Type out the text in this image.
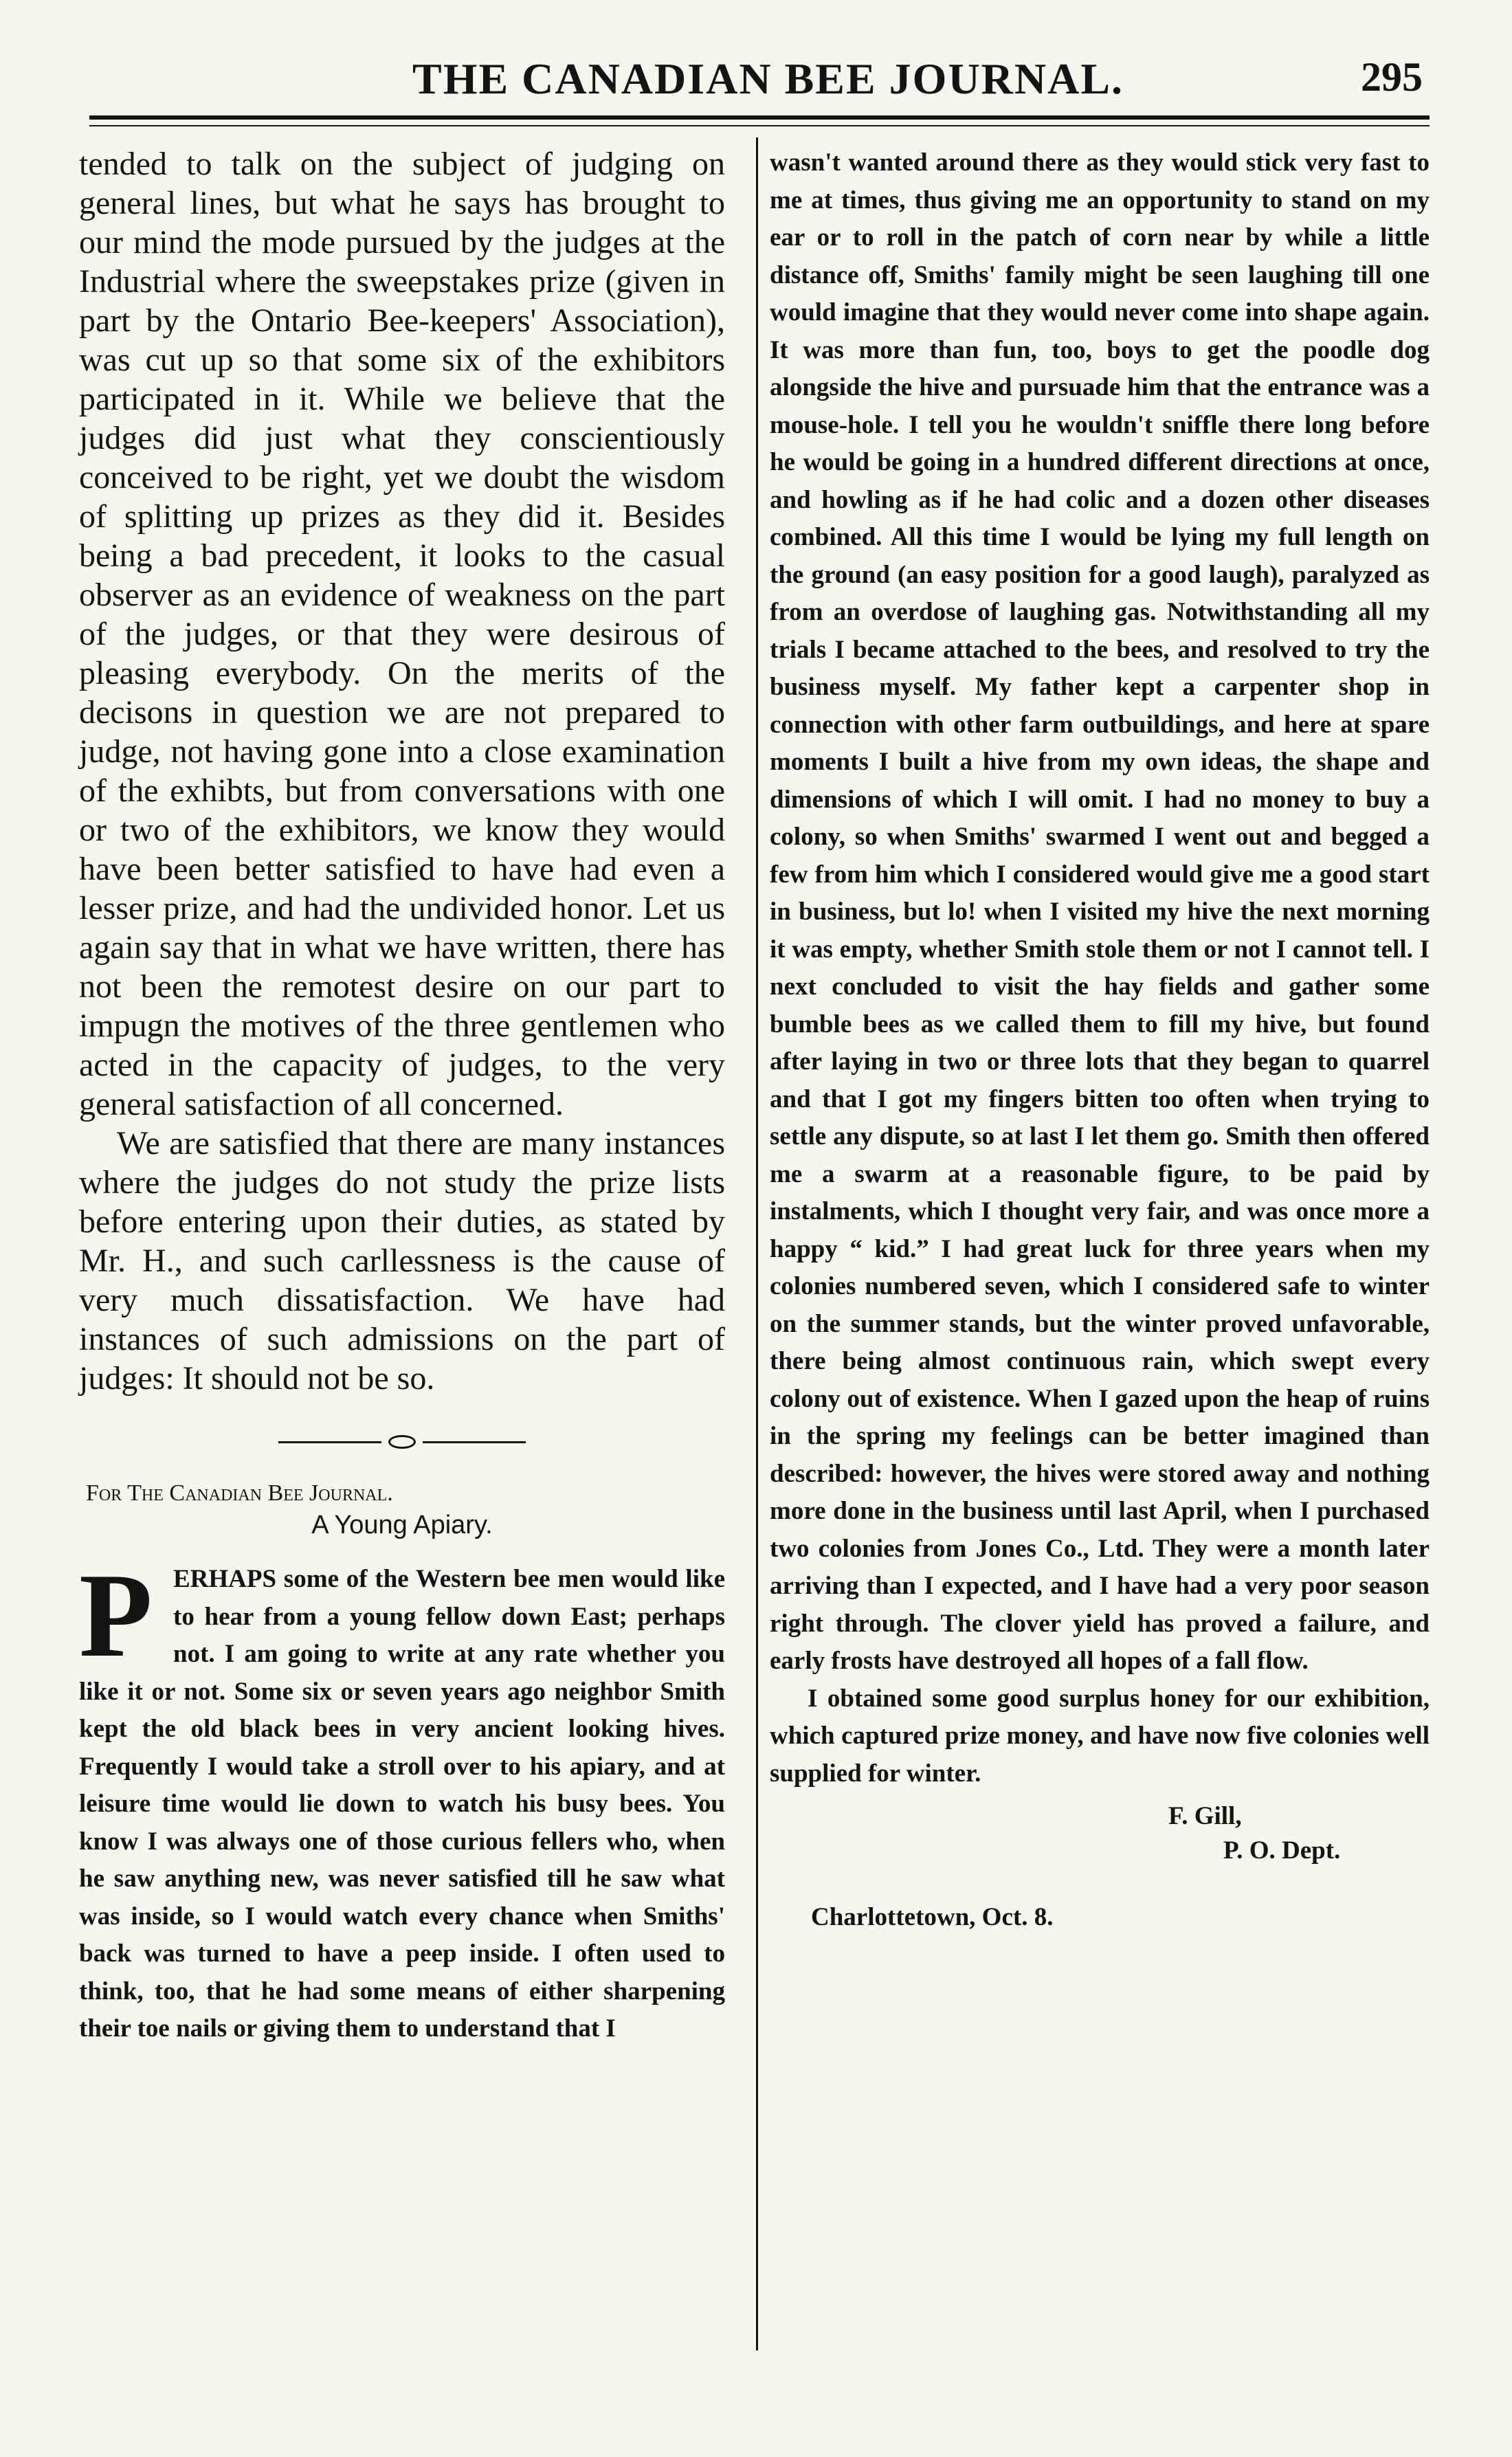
THE CANADIAN BEE JOURNAL.	295

tended to talk on the subject of judging on general lines, but what he says has brought to our mind the mode pursued by the judges at the Industrial where the sweepstakes prize (given in part by the Ontario Bee-keepers' Association), was cut up so that some six of the exhibitors participated in it. While we believe that the judges did just what they conscientiously conceived to be right, yet we doubt the wisdom of splitting up prizes as they did it. Besides being a bad precedent, it looks to the casual observer as an evidence of weakness on the part of the judges, or that they were desirous of pleasing everybody. On the merits of the decisons in question we are not prepared to judge, not having gone into a close examination of the exhibts, but from conversations with one or two of the exhibitors, we know they would have been better satisfied to have had even a lesser prize, and had the undivided honor. Let us again say that in what we have written, there has not been the remotest desire on our part to impugn the motives of the three gentlemen who acted in the capacity of judges, to the very general satisfaction of all concerned.

We are satisfied that there are many instances where the judges do not study the prize lists before entering upon their duties, as stated by Mr. H., and such carllessness is the cause of very much dissatisfaction. We have had instances of such admissions on the part of judges: It should not be so.

For The Canadian Bee Journal.
A Young Apiary.
P ERHAPS some of the Western bee men would like to hear from a young fellow down East; perhaps not. I am going to write at any rate whether you like it or not. Some six or seven years ago neighbor Smith kept the old black bees in very ancient looking hives. Frequently I would take a stroll over to his apiary, and at leisure time would lie down to watch his busy bees. You know I was always one of those curious fellers who, when he saw anything new, was never satisfied till he saw what was inside, so I would watch every chance when Smiths' back was turned to have a peep inside. I often used to think, too, that he had some means of either sharpening their toe nails or giving them to understand that I

wasn't wanted around there as they would stick very fast to me at times, thus giving me an opportunity to stand on my ear or to roll in the patch of corn near by while a little distance off, Smiths' family might be seen laughing till one would imagine that they would never come into shape again. It was more than fun, too, boys to get the poodle dog alongside the hive and pursuade him that the entrance was a mouse-hole. I tell you he wouldn't sniffle there long before he would be going in a hundred different directions at once, and howling as if he had colic and a dozen other diseases combined. All this time I would be lying my full length on the ground (an easy position for a good laugh), paralyzed as from an overdose of laughing gas. Notwithstanding all my trials I became attached to the bees, and resolved to try the business myself. My father kept a carpenter shop in connection with other farm outbuildings, and here at spare moments I built a hive from my own ideas, the shape and dimensions of which I will omit. I had no money to buy a colony, so when Smiths' swarmed I went out and begged a few from him which I considered would give me a good start in business, but lo! when I visited my hive the next morning it was empty, whether Smith stole them or not I cannot tell. I next concluded to visit the hay fields and gather some bumble bees as we called them to fill my hive, but found after laying in two or three lots that they began to quarrel and that I got my fingers bitten too often when trying to settle any dispute, so at last I let them go. Smith then offered me a swarm at a reasonable figure, to be paid by instalments, which I thought very fair, and was once more a happy “ kid.” I had great luck for three years when my colonies numbered seven, which I considered safe to winter on the summer stands, but the winter proved unfavorable, there being almost continuous rain, which swept every colony out of existence. When I gazed upon the heap of ruins in the spring my feelings can be better imagined than described: however, the hives were stored away and nothing more done in the business until last April, when I purchased two colonies from Jones Co., Ltd. They were a month later arriving than I expected, and I have had a very poor season right through. The clover yield has proved a failure, and early frosts have destroyed all hopes of a fall flow.

I obtained some good surplus honey for our exhibition, which captured prize money, and have now five colonies well supplied for winter.

F. Gill,
P. O. Dept.
Charlottetown, Oct. 8.
